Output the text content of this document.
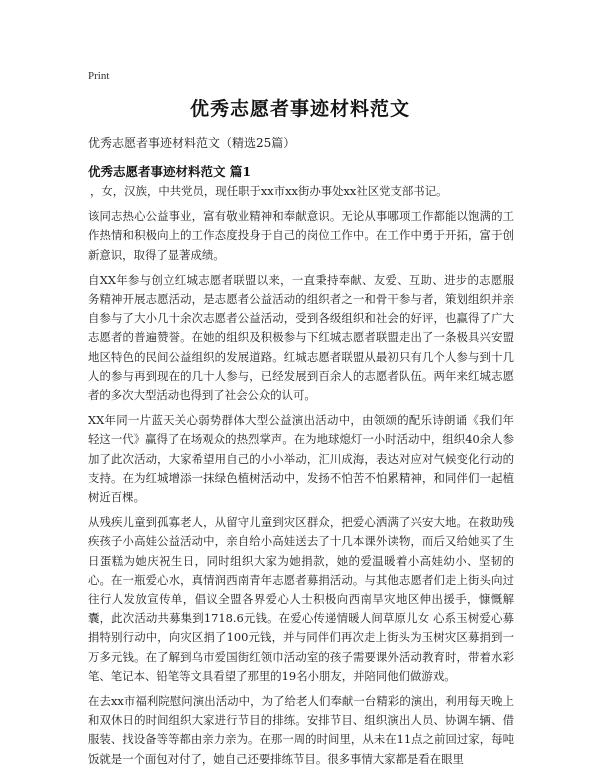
Print
优秀志愿者事迹材料范文
优秀志愿者事迹材料范文（精选25篇）
优秀志愿者事迹材料范文 篇1

，女，汉族，中共党员，现任职于xx市xx街办事处xx社区党支部书记。

该同志热心公益事业，富有敬业精神和奉献意识。无论从事哪项工作都能以饱满的工作热情和积极向上的工作态度投身于自己的岗位工作中。在工作中勇于开拓，富于创新意识，取得了显著成绩。

自XX年参与创立红城志愿者联盟以来，一直秉持奉献、友爱、互助、进步的志愿服务精神开展志愿活动，是志愿者公益活动的组织者之一和骨干参与者，策划组织并亲自参与了大小几十余次志愿者公益活动，受到各级组织和社会的好评，也赢得了广大志愿者的普遍赞誉。在她的组织及积极参与下红城志愿者联盟走出了一条极具兴安盟地区特色的民间公益组织的发展道路。红城志愿者联盟从最初只有几个人参与到十几人的参与再到现在的几十人参与，已经发展到百余人的志愿者队伍。两年来红城志愿者的多次大型活动也得到了社会公众的认可。

XX年同一片蓝天关心弱势群体大型公益演出活动中，由领颂的配乐诗朗诵《我们年轻这一代》赢得了在场观众的热烈掌声。在为地球熄灯一小时活动中，组织40余人参加了此次活动，大家希望用自己的小小举动，汇川成海，表达对应对气候变化行动的支持。在为红城增添一抹绿色植树活动中，发扬不怕苦不怕累精神，和同伴们一起植树近百棵。

从残疾儿童到孤寡老人，从留守儿童到灾区群众，把爱心洒满了兴安大地。在救助残疾孩子小高娃公益活动中，亲自给小高娃送去了十几本课外读物，而后又给她买了生日蛋糕为她庆祝生日，同时组织大家为她捐款，她的爱温暖着小高娃幼小、坚韧的心。在一瓶爱心水，真情润西南青年志愿者募捐活动。与其他志愿者们走上街头向过往行人发放宣传单，倡议全盟各界爱心人士积极向西南旱灾地区伸出援手，慷慨解囊，此次活动共募集到1718.6元钱。在爱心传递情暖人间草原儿女 心系玉树爱心募捐特别行动中，向灾区捐了100元钱，并与同伴们再次走上街头为玉树灾区募捐到一万多元钱。在了解到乌市爱国街红领巾活动室的孩子需要课外活动教育时，带着水彩笔、笔记本、铅笔等文具看望了那里的19名小朋友，并陪同他们做游戏。

在去xx市福利院慰问演出活动中，为了给老人们奉献一台精彩的演出，利用每天晚上和双休日的时间组织大家进行节目的排练。安排节目、组织演出人员、协调车辆、借服装、找设备等等都由亲力亲为。在那一周的时间里，从未在11点之前回过家，每吨饭就是一个面包对付了，她自己还要排练节目。很多事情大家都是看在眼里
